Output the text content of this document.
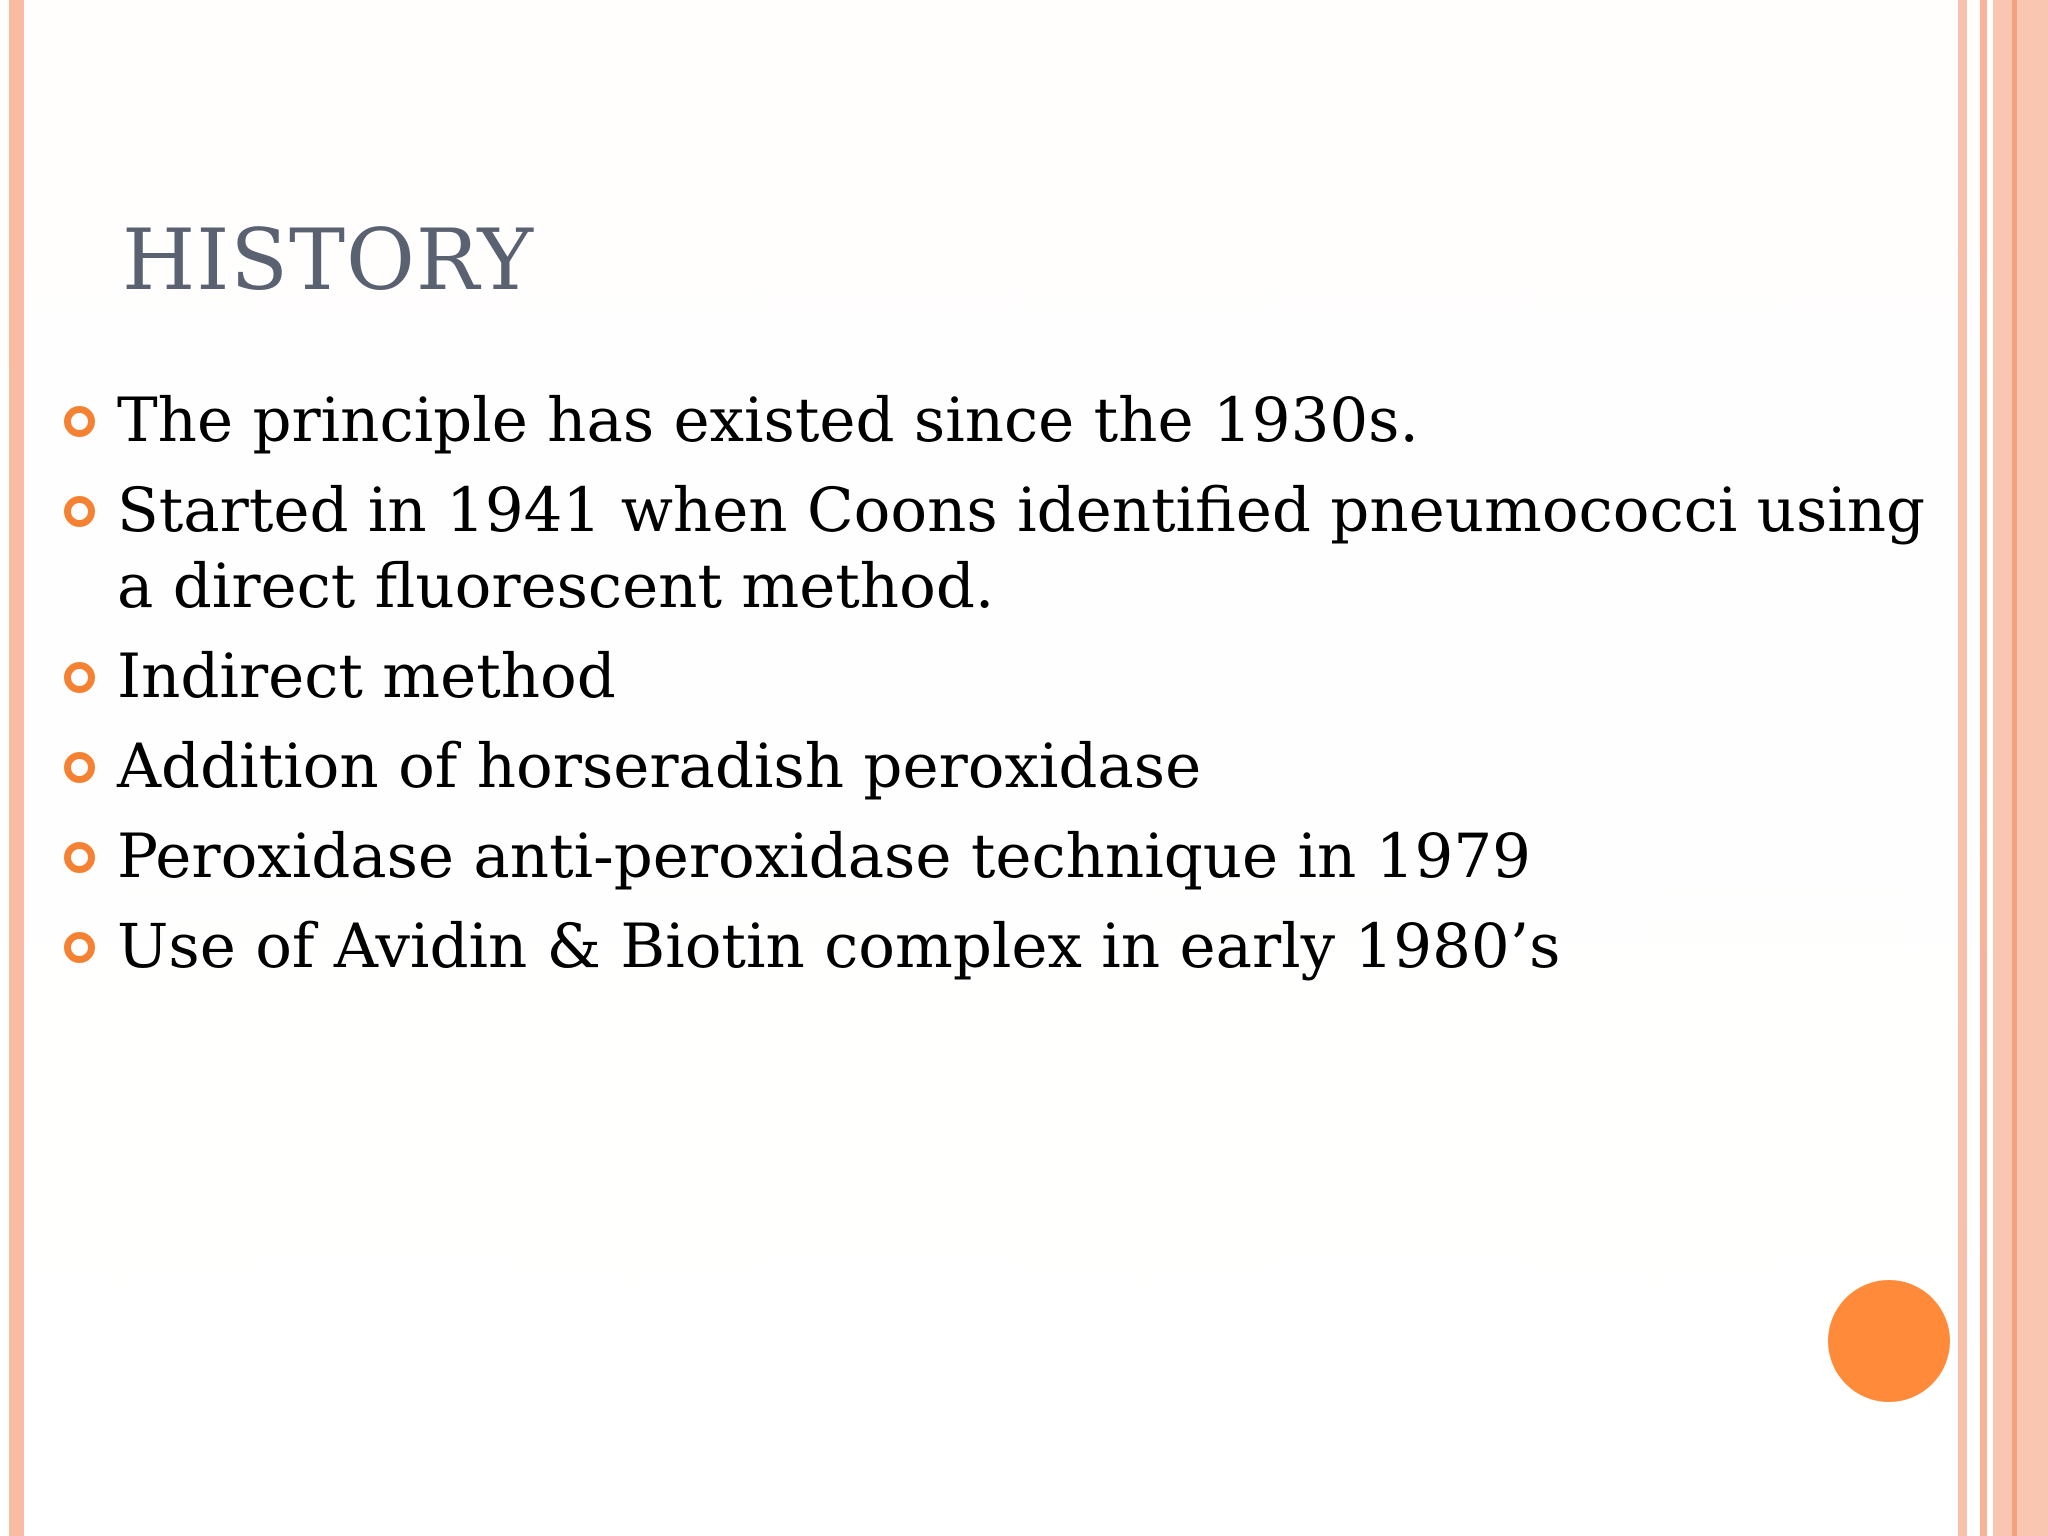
HISTORY
The principle has existed since the 1930s.
Started in 1941 when Coons identified pneumococci using a direct fluorescent method.
Indirect method
Addition of horseradish peroxidase
Peroxidase anti-peroxidase technique in 1979
Use of Avidin & Biotin complex in early 1980’s
